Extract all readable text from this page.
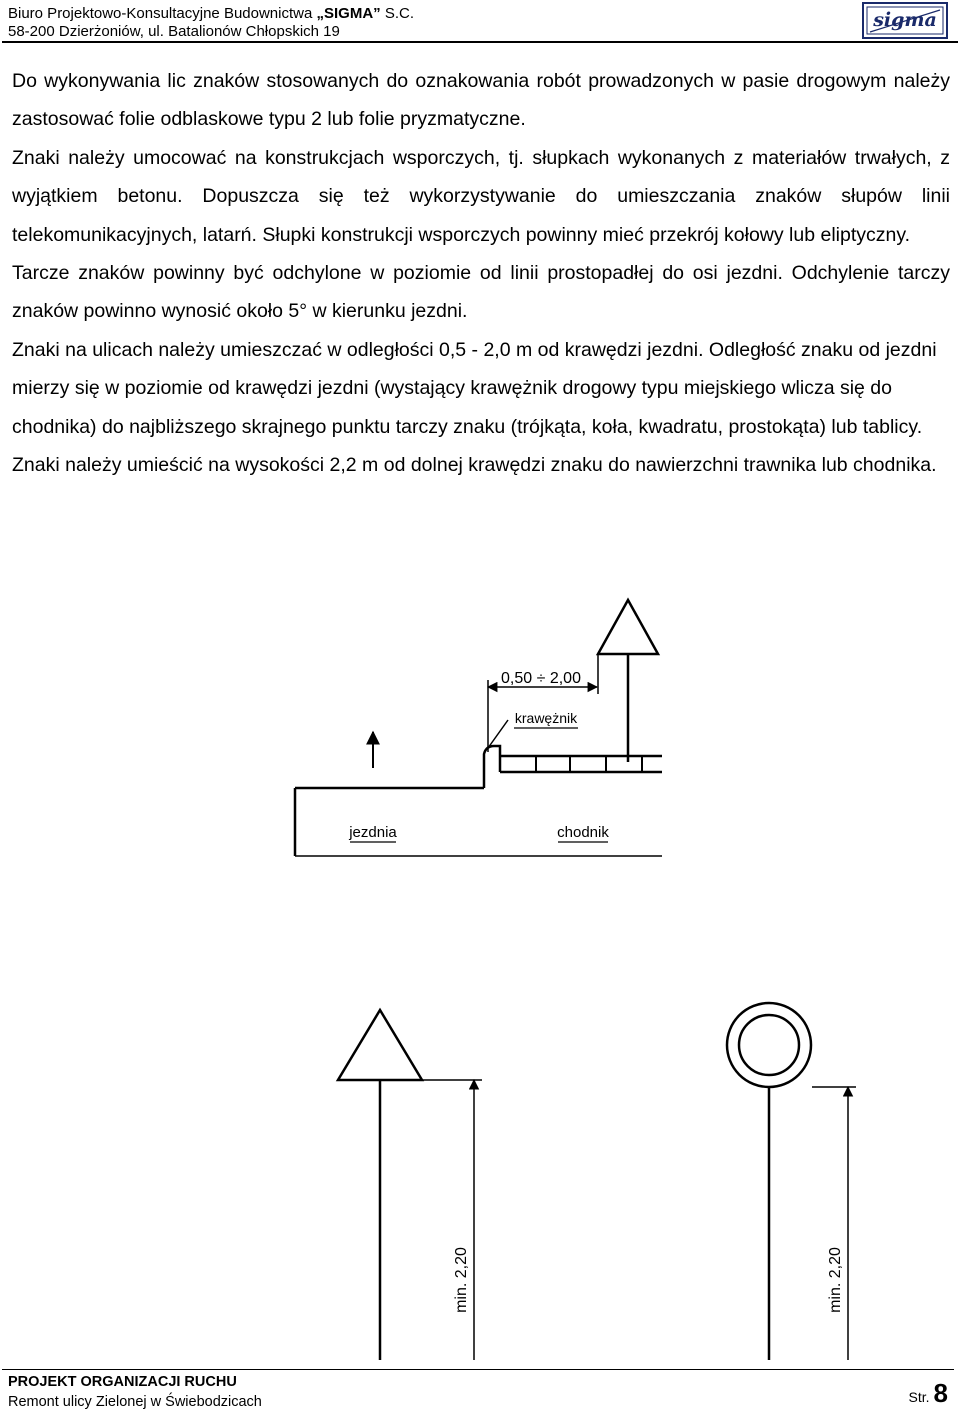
Biuro Projektowo-Konsultacyjne Budownictwa „SIGMA” S.C.
58-200 Dzierżoniów, ul. Batalionów Chłopskich 19
sigma

Do wykonywania lic znaków stosowanych do oznakowania robót prowadzonych w pasie drogowym należy zastosować folie odblaskowe typu 2 lub folie pryzmatyczne.

Znaki należy umocować na konstrukcjach wsporczych, tj. słupkach wykonanych z materiałów trwałych, z wyjątkiem betonu. Dopuszcza się też wykorzystywanie do umieszczania znaków słupów linii telekomunikacyjnych, latarń. Słupki konstrukcji wsporczych powinny mieć przekrój kołowy lub eliptyczny.

Tarcze znaków powinny być odchylone w poziomie od linii prostopadłej do osi jezdni. Odchylenie tarczy znaków powinno wynosić około 5° w kierunku jezdni.

Znaki na ulicach należy umieszczać w odległości 0,5 - 2,0 m od krawędzi jezdni. Odległość znaku od jezdni mierzy się w poziomie od krawędzi jezdni (wystający krawężnik drogowy typu miejskiego wlicza się do chodnika) do najbliższego skrajnego punktu tarczy znaku (trójkąta, koła, kwadratu, prostokąta) lub tablicy. Znaki należy umieścić na wysokości 2,2 m od dolnej krawędzi znaku do nawierzchni trawnika lub chodnika.

0,50 ÷ 2,00
krawężnik
jezdnia	chodnik
min. 2,20	min. 2,20
PROJEKT ORGANIZACJI RUCHU
Remont ulicy Zielonej w Świebodzicach	Str. 8
